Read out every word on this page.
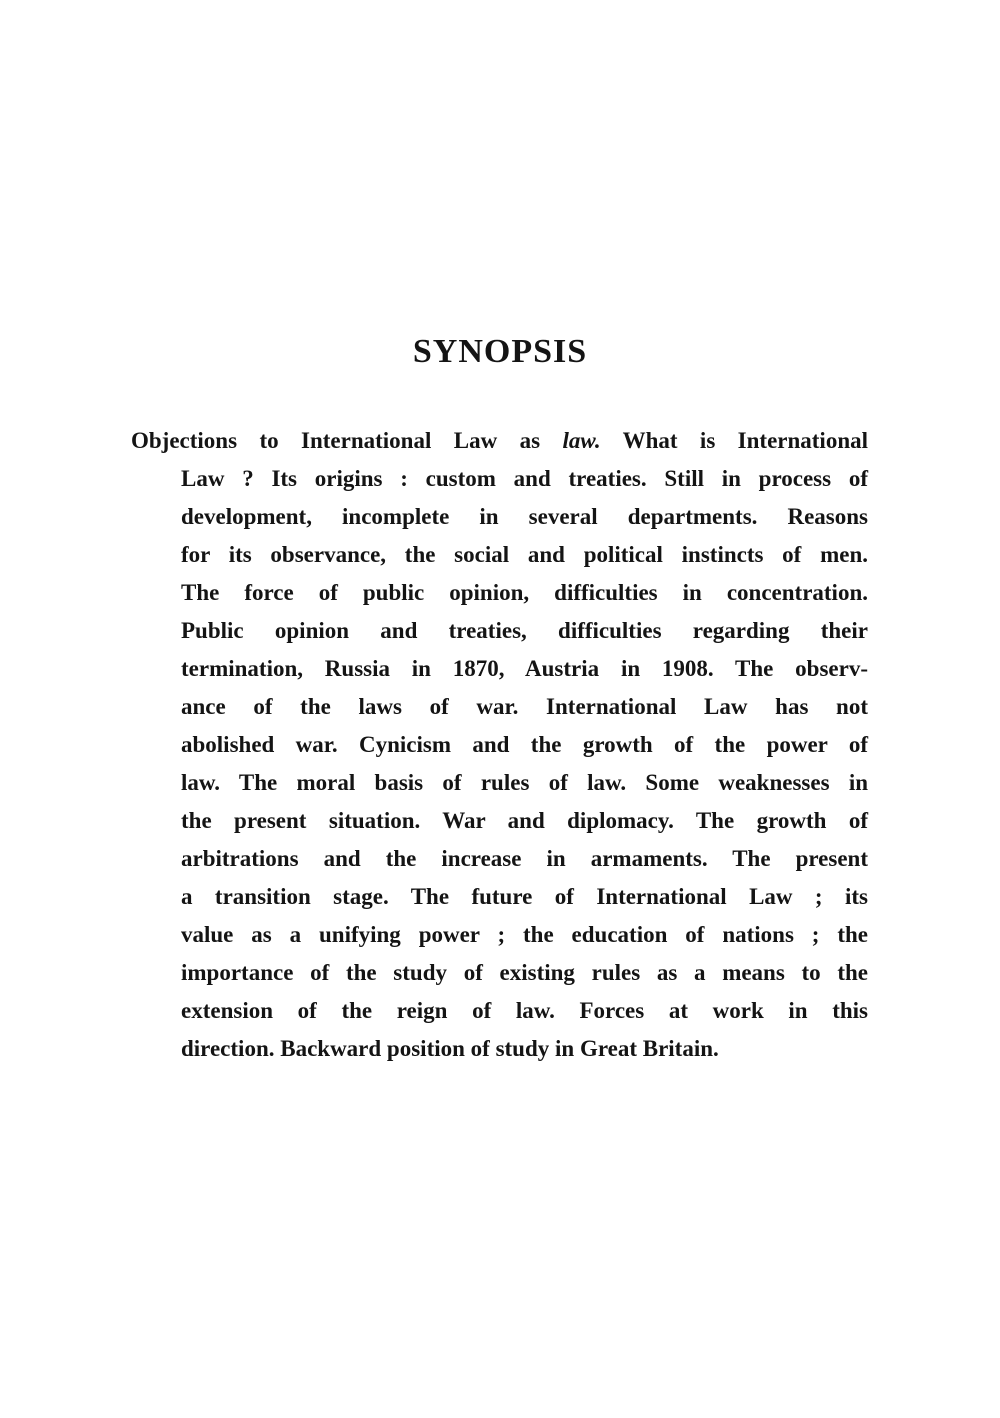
SYNOPSIS
Objections to International Law as law. What is International
Law ? Its origins : custom and treaties. Still in process of
development, incomplete in several departments. Reasons
for its observance, the social and political instincts of men.
The force of public opinion, difficulties in concentration.
Public opinion and treaties, difficulties regarding their
termination, Russia in 1870, Austria in 1908. The observ-
ance of the laws of war. International Law has not
abolished war. Cynicism and the growth of the power of
law. The moral basis of rules of law. Some weaknesses in
the present situation. War and diplomacy. The growth of
arbitrations and the increase in armaments. The present
a transition stage. The future of International Law ; its
value as a unifying power ; the education of nations ; the
importance of the study of existing rules as a means to the
extension of the reign of law. Forces at work in this
direction. Backward position of study in Great Britain.
